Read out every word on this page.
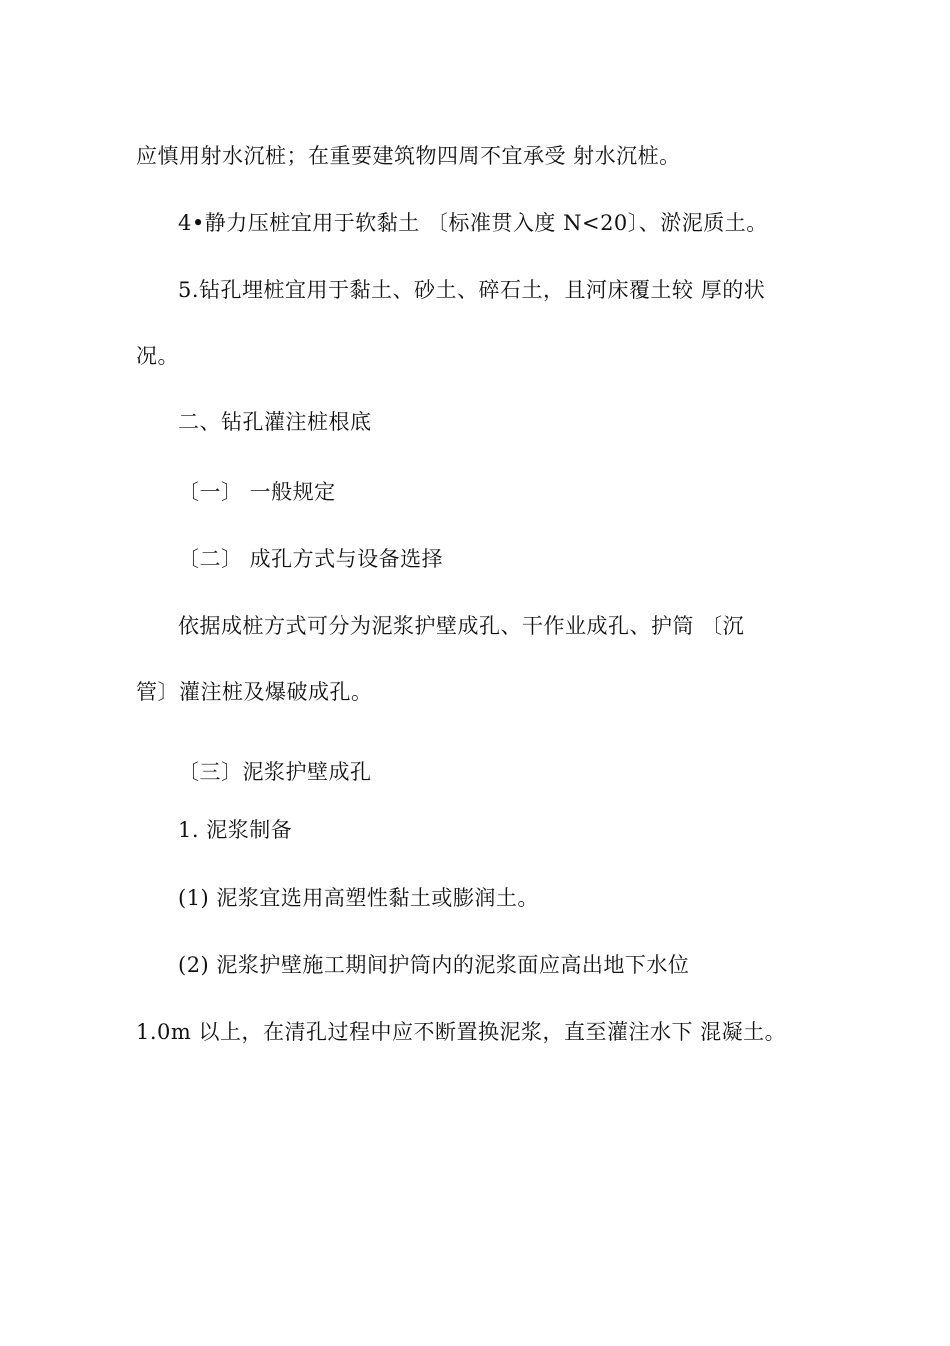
应慎用射水沉桩；在重要建筑物四周不宜承受 射水沉桩。
4•静力压桩宜用于软黏土 〔标准贯入度 N<20〕、淤泥质土。
5.钻孔埋桩宜用于黏土、砂土、碎石土，且河床覆土较 厚的状
况。
二、钻孔灌注桩根底
〔一〕 一般规定
〔二〕 成孔方式与设备选择
依据成桩方式可分为泥浆护壁成孔、干作业成孔、护筒 〔沉
管〕灌注桩及爆破成孔。
〔三〕泥浆护壁成孔
1. 泥浆制备
(1) 泥浆宜选用高塑性黏土或膨润土。
(2) 泥浆护壁施工期间护筒内的泥浆面应高出地下水位
1.0m 以上，在清孔过程中应不断置换泥浆，直至灌注水下 混凝土。
